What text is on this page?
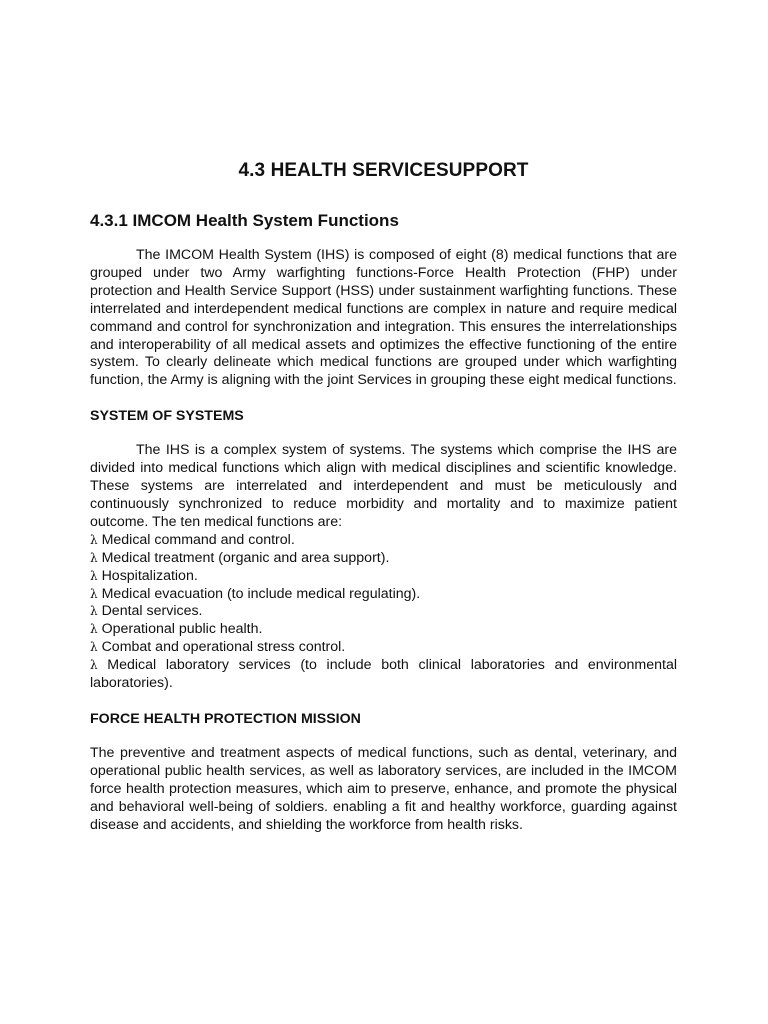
4.3 HEALTH SERVICESUPPORT
4.3.1 IMCOM Health System Functions

The IMCOM Health System (IHS) is composed of eight (8) medical functions that are grouped under two Army warfighting functions-Force Health Protection (FHP) under protection and Health Service Support (HSS) under sustainment warfighting functions. These interrelated and interdependent medical functions are complex in nature and require medical command and control for synchronization and integration. This ensures the interrelationships and interoperability of all medical assets and optimizes the effective functioning of the entire system. To clearly delineate which medical functions are grouped under which warfighting function, the Army is aligning with the joint Services in grouping these eight medical functions.

SYSTEM OF SYSTEMS

The IHS is a complex system of systems. The systems which comprise the IHS are divided into medical functions which align with medical disciplines and scientific knowledge. These systems are interrelated and interdependent and must be meticulously and continuously synchronized to reduce morbidity and mortality and to maximize patient outcome. The ten medical functions are:

λ Medical command and control.
λ Medical treatment (organic and area support).
λ Hospitalization.
λ Medical evacuation (to include medical regulating).
λ Dental services.
λ Operational public health.
λ Combat and operational stress control.
λ Medical laboratory services (to include both clinical laboratories and environmental laboratories).
FORCE HEALTH PROTECTION MISSION

The preventive and treatment aspects of medical functions, such as dental, veterinary, and operational public health services, as well as laboratory services, are included in the IMCOM force health protection measures, which aim to preserve, enhance, and promote the physical and behavioral well-being of soldiers. enabling a fit and healthy workforce, guarding against disease and accidents, and shielding the workforce from health risks.
